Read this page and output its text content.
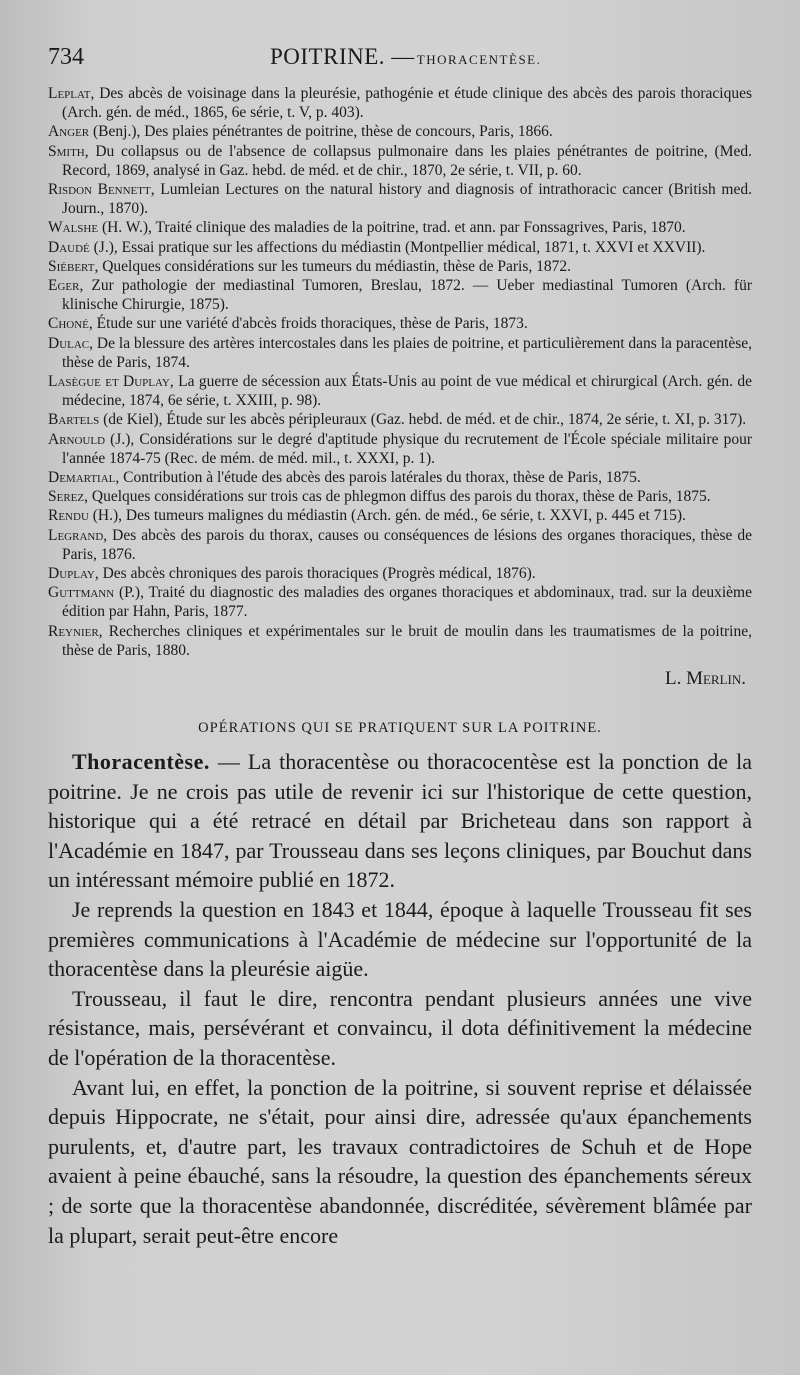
734	POITRINE. — THORACENTÈSE.
Leplat, Des abcès de voisinage dans la pleurésie, pathogénie et étude clinique des abcès des parois thoraciques (Arch. gén. de méd., 1865, 6e série, t. V, p. 403).
Anger (Benj.), Des plaies pénétrantes de poitrine, thèse de concours, Paris, 1866.
Smith, Du collapsus ou de l'absence de collapsus pulmonaire dans les plaies pénétrantes de poitrine, (Med. Record, 1869, analysé in Gaz. hebd. de méd. et de chir., 1870, 2e série, t. VII, p. 60.
Risdon Bennett, Lumleian Lectures on the natural history and diagnosis of intrathoracic cancer (British med. Journ., 1870).
Walshe (H. W.), Traité clinique des maladies de la poitrine, trad. et ann. par Fonssagrives, Paris, 1870.
Daudé (J.), Essai pratique sur les affections du médiastin (Montpellier médical, 1871, t. XXVI et XXVII).
Siébert, Quelques considérations sur les tumeurs du médiastin, thèse de Paris, 1872.
Eger, Zur pathologie der mediastinal Tumoren, Breslau, 1872. — Ueber mediastinal Tumoren (Arch. für klinische Chirurgie, 1875).
Choné, Étude sur une variété d'abcès froids thoraciques, thèse de Paris, 1873.
Dulac, De la blessure des artères intercostales dans les plaies de poitrine, et particulièrement dans la paracentèse, thèse de Paris, 1874.
Lasègue et Duplay, La guerre de sécession aux États-Unis au point de vue médical et chirurgical (Arch. gén. de médecine, 1874, 6e série, t. XXIII, p. 98).
Bartels (de Kiel), Étude sur les abcès péripleuraux (Gaz. hebd. de méd. et de chir., 1874, 2e série, t. XI, p. 317).
Arnould (J.), Considérations sur le degré d'aptitude physique du recrutement de l'École spéciale militaire pour l'année 1874-75 (Rec. de mém. de méd. mil., t. XXXI, p. 1).
Demartial, Contribution à l'étude des abcès des parois latérales du thorax, thèse de Paris, 1875.
Serez, Quelques considérations sur trois cas de phlegmon diffus des parois du thorax, thèse de Paris, 1875.
Rendu (H.), Des tumeurs malignes du médiastin (Arch. gén. de méd., 6e série, t. XXVI, p. 445 et 715).
Legrand, Des abcès des parois du thorax, causes ou conséquences de lésions des organes thoraciques, thèse de Paris, 1876.
Duplay, Des abcès chroniques des parois thoraciques (Progrès médical, 1876).
Guttmann (P.), Traité du diagnostic des maladies des organes thoraciques et abdominaux, trad. sur la deuxième édition par Hahn, Paris, 1877.
Reynier, Recherches cliniques et expérimentales sur le bruit de moulin dans les traumatismes de la poitrine, thèse de Paris, 1880.
L. Merlin.
OPÉRATIONS QUI SE PRATIQUENT SUR LA POITRINE.

Thoracentèse. — La thoracentèse ou thoracocentèse est la ponction de la poitrine. Je ne crois pas utile de revenir ici sur l'historique de cette question, historique qui a été retracé en détail par Bricheteau dans son rapport à l'Académie en 1847, par Trousseau dans ses leçons cliniques, par Bouchut dans un intéressant mémoire publié en 1872.

Je reprends la question en 1843 et 1844, époque à laquelle Trousseau fit ses premières communications à l'Académie de médecine sur l'opportunité de la thoracentèse dans la pleurésie aigüe.

Trousseau, il faut le dire, rencontra pendant plusieurs années une vive résistance, mais, persévérant et convaincu, il dota définitivement la médecine de l'opération de la thoracentèse.

Avant lui, en effet, la ponction de la poitrine, si souvent reprise et délaissée depuis Hippocrate, ne s'était, pour ainsi dire, adressée qu'aux épanchements purulents, et, d'autre part, les travaux contradictoires de Schuh et de Hope avaient à peine ébauché, sans la résoudre, la question des épanchements séreux ; de sorte que la thoracentèse abandonnée, discréditée, sévèrement blâmée par la plupart, serait peut-être encore
